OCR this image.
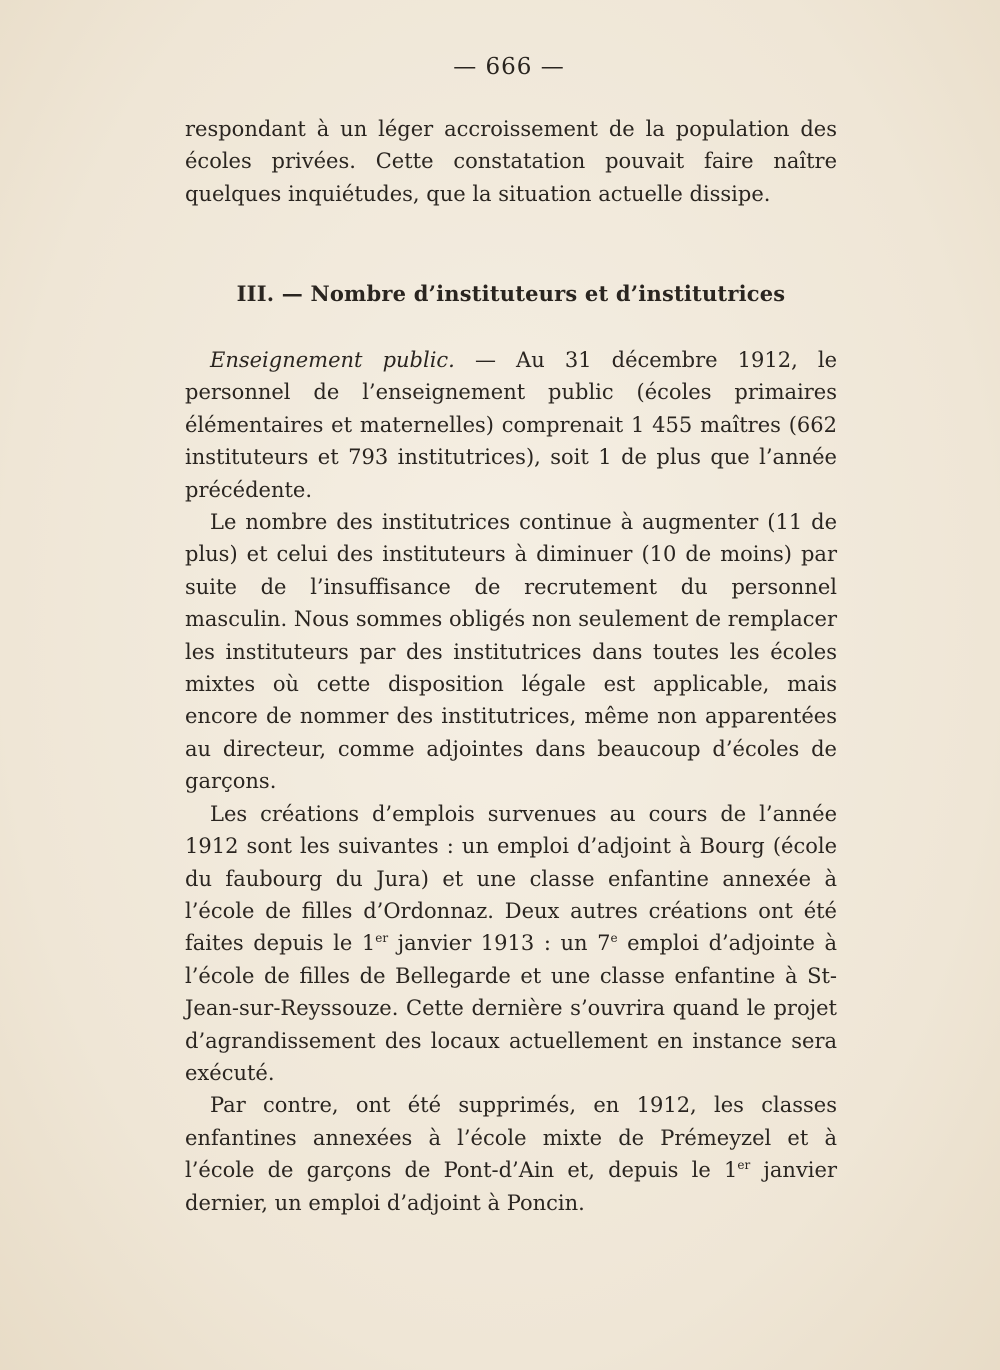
— 666 —

respondant à un léger accroissement de la population des écoles privées. Cette constatation pouvait faire naître quelques inquiétudes, que la situation actuelle dissipe.

III. — Nombre d’instituteurs et d’institutrices

Enseignement public. — Au 31 décembre 1912, le personnel de l’enseignement public (écoles primaires élémentaires et maternelles) comprenait 1 455 maîtres (662 instituteurs et 793 institutrices), soit 1 de plus que l’année précédente.

Le nombre des institutrices continue à augmenter (11 de plus) et celui des instituteurs à diminuer (10 de moins) par suite de l’insuffisance de recrutement du personnel masculin. Nous sommes obligés non seulement de remplacer les instituteurs par des institutrices dans toutes les écoles mixtes où cette disposition légale est applicable, mais encore de nommer des institutrices, même non apparentées au directeur, comme adjointes dans beaucoup d’écoles de garçons.

Les créations d’emplois survenues au cours de l’année 1912 sont les suivantes : un emploi d’adjoint à Bourg (école du faubourg du Jura) et une classe enfantine annexée à l’école de filles d’Ordonnaz. Deux autres créations ont été faites depuis le 1er janvier 1913 : un 7e emploi d’adjointe à l’école de filles de Bellegarde et une classe enfantine à St-Jean-sur-Reyssouze. Cette dernière s’ouvrira quand le projet d’agrandissement des locaux actuellement en instance sera exécuté.

Par contre, ont été supprimés, en 1912, les classes enfantines annexées à l’école mixte de Prémeyzel et à l’école de garçons de Pont-d’Ain et, depuis le 1er janvier dernier, un emploi d’adjoint à Poncin.
